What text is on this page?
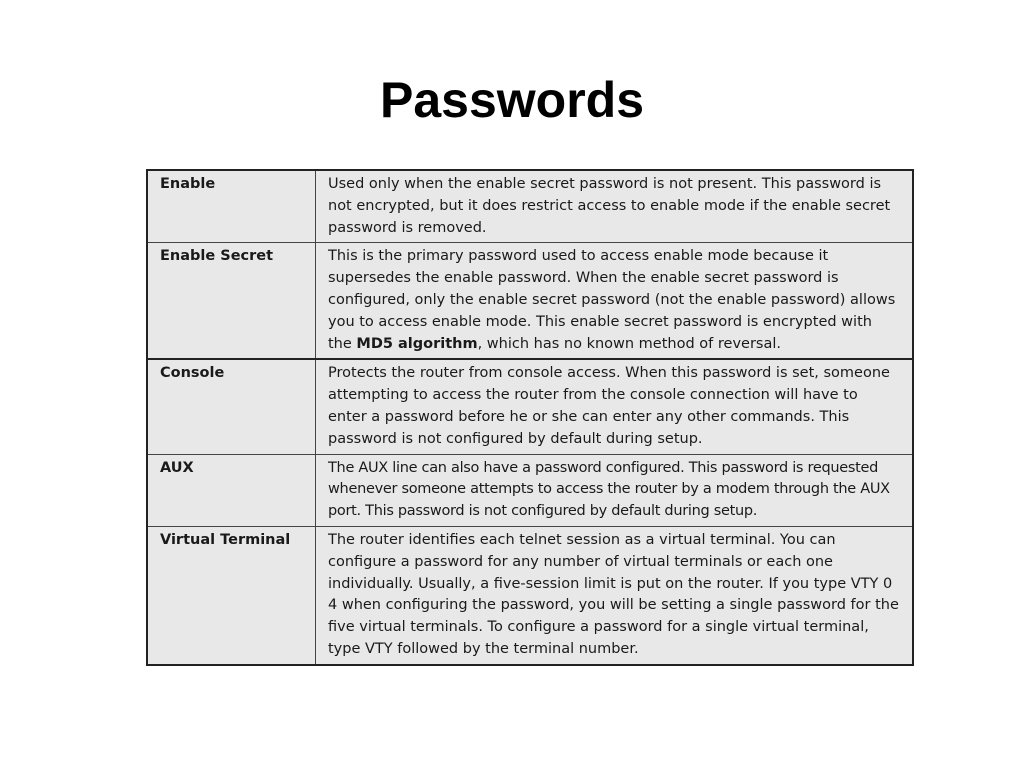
Passwords
Enable	Used only when the enable secret password is not present. This password is not encrypted, but it does restrict access to enable mode if the enable secret password is removed.
Enable Secret	This is the primary password used to access enable mode because it supersedes the enable password. When the enable secret password is configured, only the enable secret password (not the enable password) allows you to access enable mode. This enable secret password is encrypted with the MD5 algorithm, which has no known method of reversal.
Console	Protects the router from console access. When this password is set, someone attempting to access the router from the console connection will have to enter a password before he or she can enter any other commands. This password is not configured by default during setup.
AUX	The AUX line can also have a password configured. This password is requested whenever someone attempts to access the router by a modem through the AUX port. This password is not configured by default during setup.
Virtual Terminal	The router identifies each telnet session as a virtual terminal. You can configure a password for any number of virtual terminals or each one individually. Usually, a five-session limit is put on the router. If you type VTY 0 4 when configuring the password, you will be setting a single password for the five virtual terminals. To configure a password for a single virtual terminal, type VTY followed by the terminal number.
